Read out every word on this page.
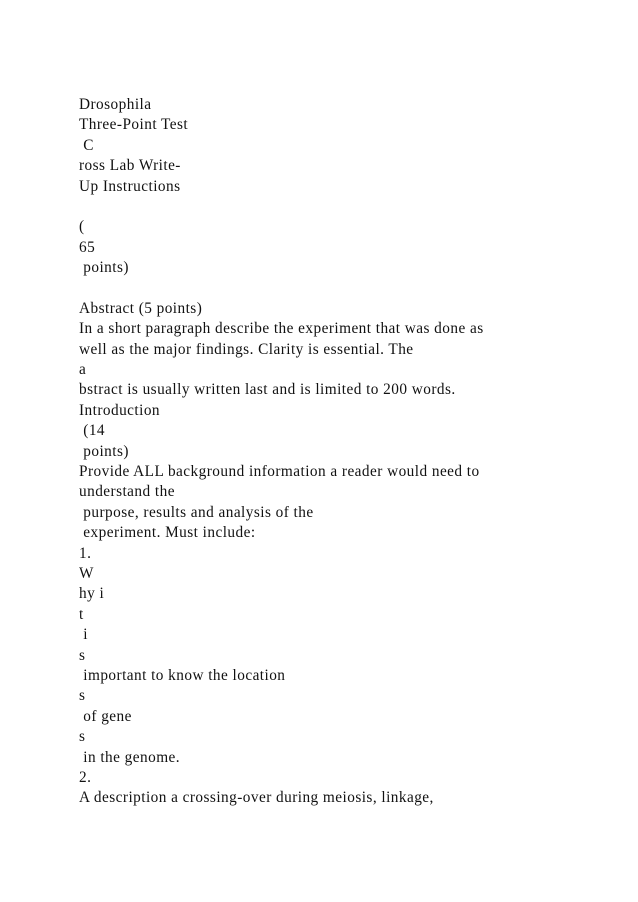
Drosophila
Three-Point Test
C
ross Lab Write-
Up Instructions
(
65
points)
Abstract (5 points)
In a short paragraph describe the experiment that was done as
well as the major findings. Clarity is essential. The
a
bstract is usually written last and is limited to 200 words.
Introduction
(14
points)
Provide ALL background information a reader would need to
understand the
purpose, results and analysis of the
experiment. Must include:
1.
W
hy i
t
i
s
important to know the location
s
of gene
s
in the genome.
2.
A description a crossing-over during meiosis, linkage,
